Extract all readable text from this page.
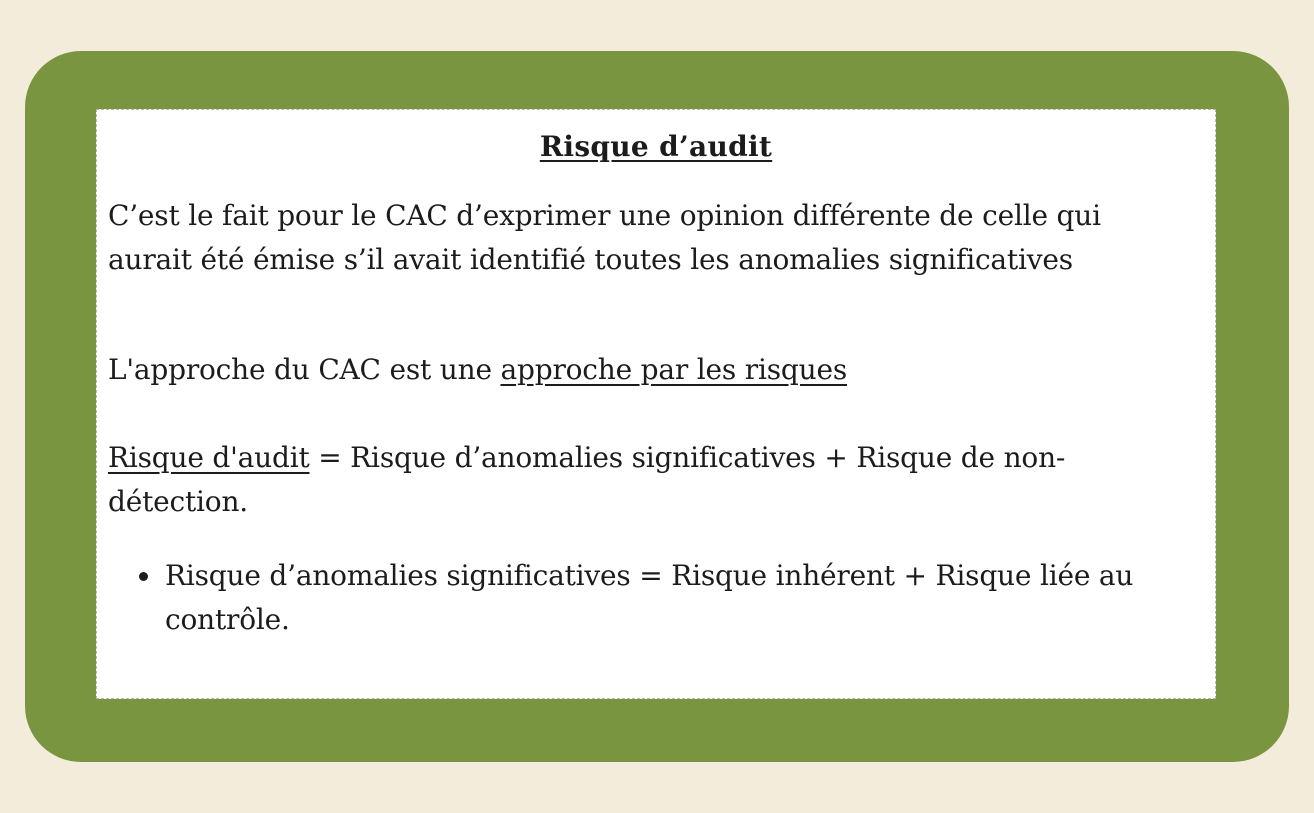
Risque d’audit
C’est le fait pour le CAC d’exprimer une opinion différente de celle qui aurait été émise s’il avait identifié toutes les anomalies significatives
L'approche du CAC est une approche par les risques
Risque d'audit = Risque d’anomalies significatives + Risque de non-détection.
Risque d’anomalies significatives = Risque inhérent + Risque liée au contrôle.
